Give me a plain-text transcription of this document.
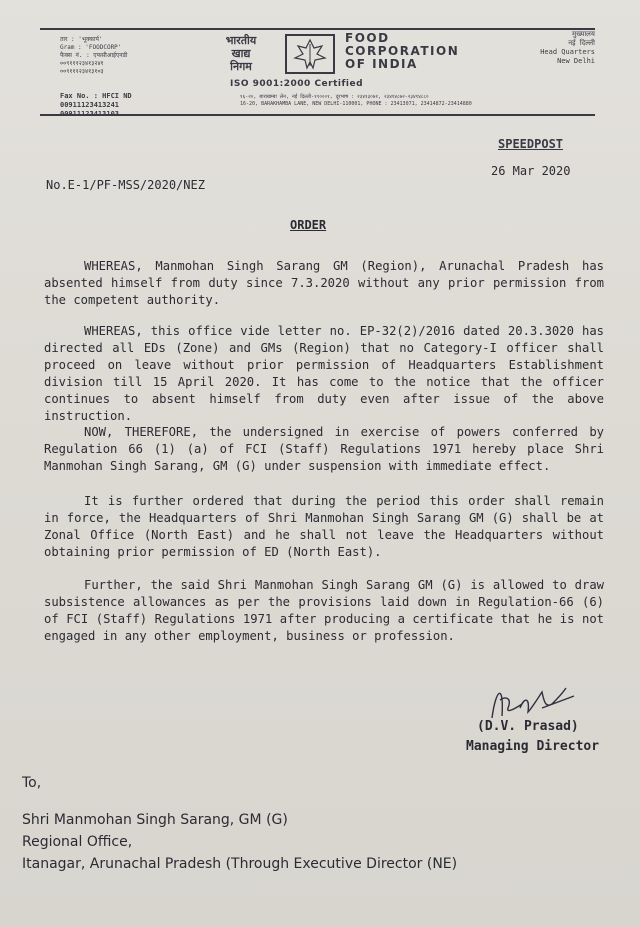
तार : 'भूक्कार्प'
Gram : 'FOODCORP'
फैक्स नं. : एफसीआईएनडी
००९१११२३४१३२४१
००९१११२३४१३१०३
भारतीय
खाद्य
निगम
FOOD
CORPORATION
OF INDIA
मुख्यालय
नई दिल्ली
Head Quarters
New Delhi
ISO 9001:2000 Certified
Fax No. : HFCI ND
00911123413241
00911123413103
१६-२०, बाराखम्बा लेन, नई दिल्ली-११०००१, दूरभाष : २३४१३०७१, २३४१४८७२-२३४१४८८०
16-20, BARAKHAMBA LANE, NEW DELHI-110001, PHONE : 23413071, 23414872-23414880
SPEEDPOST
26 Mar 2020
No.E-1/PF-MSS/2020/NEZ
ORDER
WHEREAS, Manmohan Singh Sarang GM (Region), Arunachal Pradesh has absented himself from duty since 7.3.2020 without any prior permission from the competent authority.
WHEREAS, this office vide letter no. EP-32(2)/2016 dated 20.3.3020 has directed all EDs (Zone) and GMs (Region) that no Category-I officer shall proceed on leave without prior permission of Headquarters Establishment division till 15 April 2020. It has come to the notice that the officer continues to absent himself from duty even after issue of the above instruction.
NOW, THEREFORE, the undersigned in exercise of powers conferred by Regulation 66 (1) (a) of FCI (Staff) Regulations 1971 hereby place Shri Manmohan Singh Sarang, GM (G) under suspension with immediate effect.
It is further ordered that during the period this order shall remain in force, the Headquarters of Shri Manmohan Singh Sarang GM (G) shall be at Zonal Office (North East) and he shall not leave the Headquarters without obtaining prior permission of ED (North East).
Further, the said Shri Manmohan Singh Sarang GM (G) is allowed to draw subsistence allowances as per the provisions laid down in Regulation-66 (6) of FCI (Staff) Regulations 1971 after producing a certificate that he is not engaged in any other employment, business or profession.
(D.V. Prasad)
Managing Director
To,
Shri Manmohan Singh Sarang, GM (G)
Regional Office,
Itanagar, Arunachal Pradesh (Through Executive Director (NE)
